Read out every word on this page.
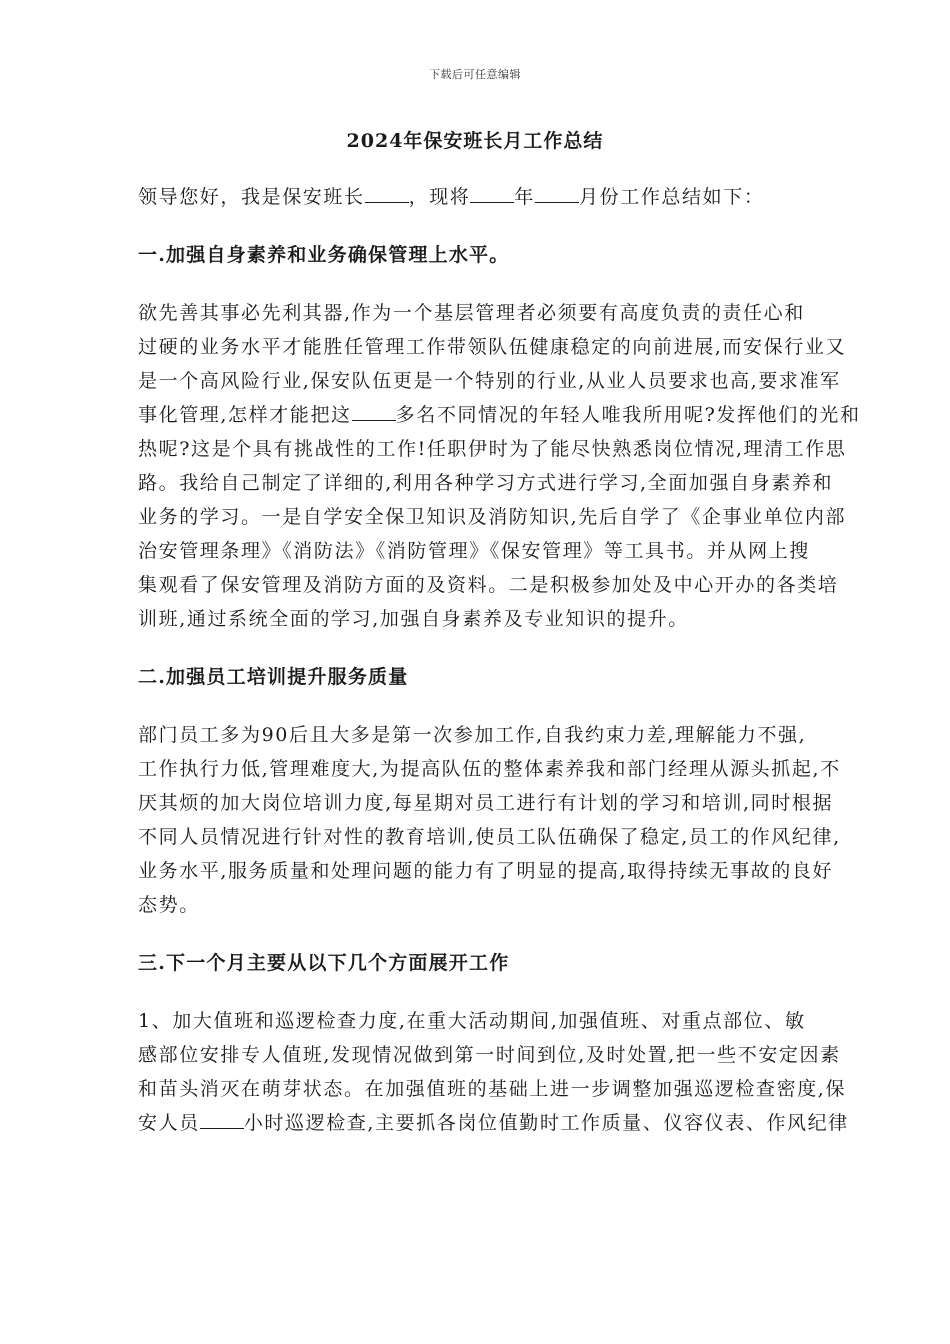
下载后可任意编辑
2024年保安班长月工作总结
领导您好，我是保安班长 ，现将 年 月份工作总结如下：
一.加强自身素养和业务确保管理上水平。
欲先善其事必先利其器,作为一个基层管理者必须要有高度负责的责任心和
过硬的业务水平才能胜任管理工作带领队伍健康稳定的向前进展,而安保行业又
是一个高风险行业,保安队伍更是一个特别的行业,从业人员要求也高,要求准军
事化管理,怎样才能把这 多名不同情况的年轻人唯我所用呢?发挥他们的光和
热呢?这是个具有挑战性的工作!任职伊时为了能尽快熟悉岗位情况,理清工作思
路。我给自己制定了详细的,利用各种学习方式进行学习,全面加强自身素养和
业务的学习。一是自学安全保卫知识及消防知识,先后自学了《企事业单位内部
治安管理条理》《消防法》《消防管理》《保安管理》等工具书。并从网上搜
集观看了保安管理及消防方面的及资料。二是积极参加处及中心开办的各类培
训班,通过系统全面的学习,加强自身素养及专业知识的提升。
二.加强员工培训提升服务质量
部门员工多为90后且大多是第一次参加工作,自我约束力差,理解能力不强,
工作执行力低,管理难度大,为提高队伍的整体素养我和部门经理从源头抓起,不
厌其烦的加大岗位培训力度,每星期对员工进行有计划的学习和培训,同时根据
不同人员情况进行针对性的教育培训,使员工队伍确保了稳定,员工的作风纪律,
业务水平,服务质量和处理问题的能力有了明显的提高,取得持续无事故的良好
态势。
三.下一个月主要从以下几个方面展开工作
1、加大值班和巡逻检查力度,在重大活动期间,加强值班、对重点部位、敏
感部位安排专人值班,发现情况做到第一时间到位,及时处置,把一些不安定因素
和苗头消灭在萌芽状态。在加强值班的基础上进一步调整加强巡逻检查密度,保
安人员 小时巡逻检查,主要抓各岗位值勤时工作质量、仪容仪表、作风纪律
